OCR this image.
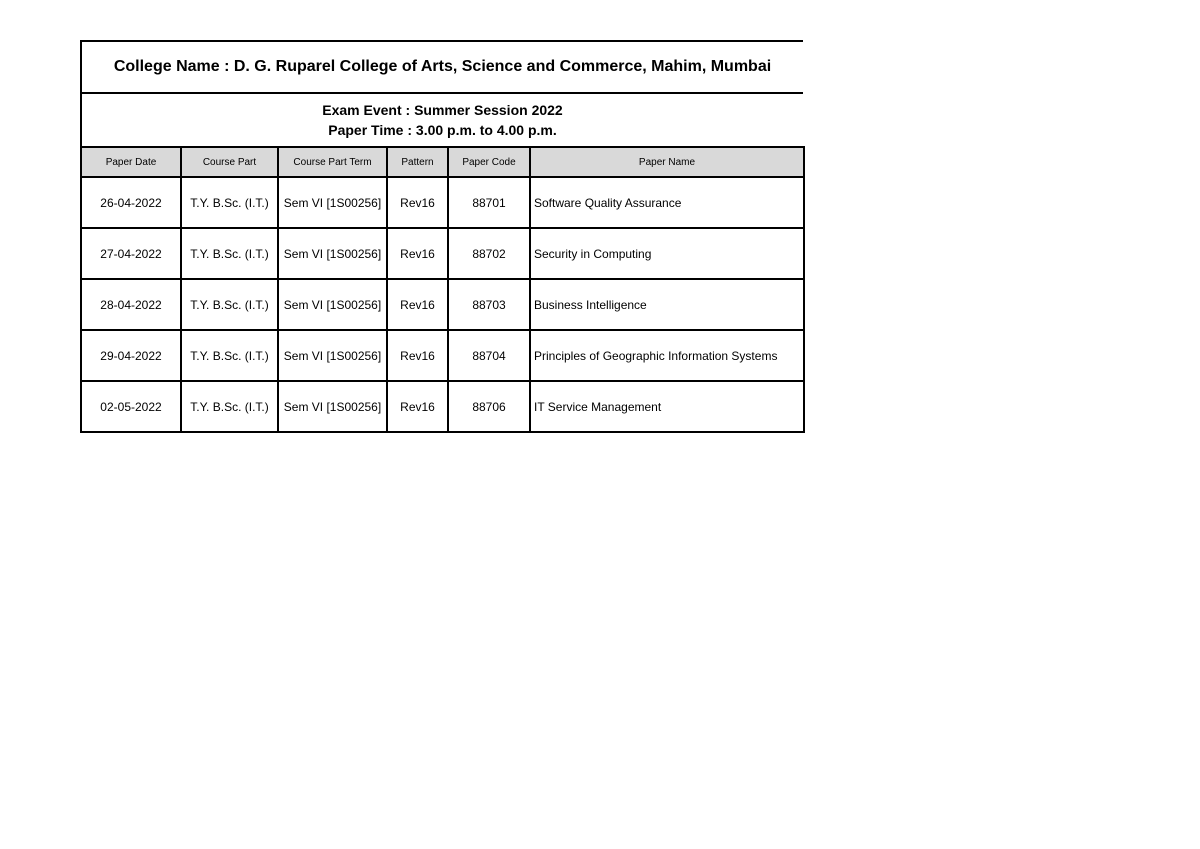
College Name : D. G. Ruparel College of Arts, Science and Commerce, Mahim, Mumbai
Exam Event : Summer Session 2022
Paper Time : 3.00 p.m. to 4.00 p.m.
Paper Date	Course Part	Course Part Term	Pattern	Paper Code	Paper Name
26-04-2022	T.Y. B.Sc. (I.T.)	Sem VI [1S00256]	Rev16	88701	Software Quality Assurance
27-04-2022	T.Y. B.Sc. (I.T.)	Sem VI [1S00256]	Rev16	88702	Security in Computing
28-04-2022	T.Y. B.Sc. (I.T.)	Sem VI [1S00256]	Rev16	88703	Business Intelligence
29-04-2022	T.Y. B.Sc. (I.T.)	Sem VI [1S00256]	Rev16	88704	Principles of Geographic Information Systems
02-05-2022	T.Y. B.Sc. (I.T.)	Sem VI [1S00256]	Rev16	88706	IT Service Management
